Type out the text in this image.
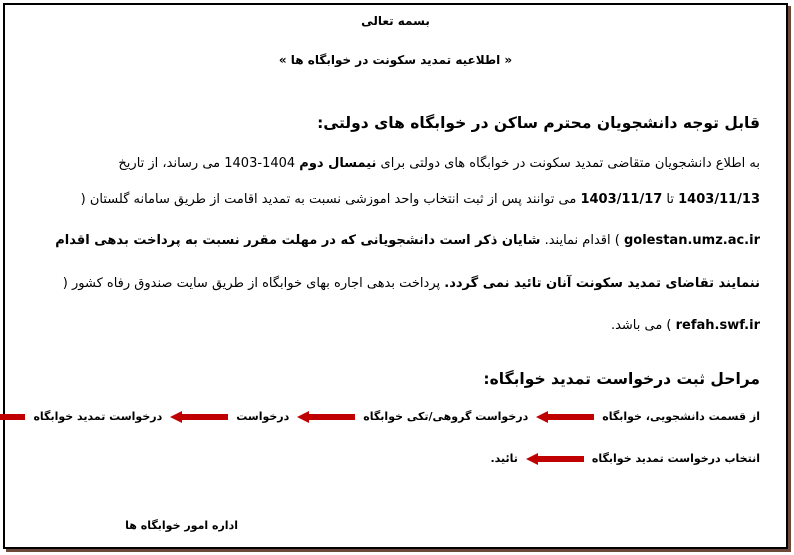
بسمه تعالی
« اطلاعیه تمدید سکونت در خوابگاه ها »
قابل توجه دانشجویان محترم ساکن در خوابگاه های دولتی:
به اطلاع دانشجویان متقاضی تمدید سکونت در خوابگاه های دولتی برای نیمسال دوم 1404-1403 می رساند، از تاریخ
1403/11/13 تا 1403/11/17 می توانند پس از ثبت انتخاب واحد اموزشی نسبت به تمدید اقامت از طریق سامانه گلستان (
golestan.umz.ac.ir ) اقدام نمایند. شایان ذکر است دانشجویانی که در مهلت مقرر نسبت به پرداخت بدهی اقدام
ننمایند تقاضای تمدید سکونت آنان تائید نمی گردد. پرداخت بدهی اجاره بهای خوابگاه از طریق سایت صندوق رفاه کشور (
refah.swf.ir ) می باشد.
مراحل ثبت درخواست تمدید خوابگاه:
از قسمت دانشجویی، خوابگاه
درخواست گروهی/تکی خوابگاه
درخواست
درخواست تمدید خوابگاه
انتخاب درخواست تمدید خوابگاه
تائید.
اداره امور خوابگاه ها
